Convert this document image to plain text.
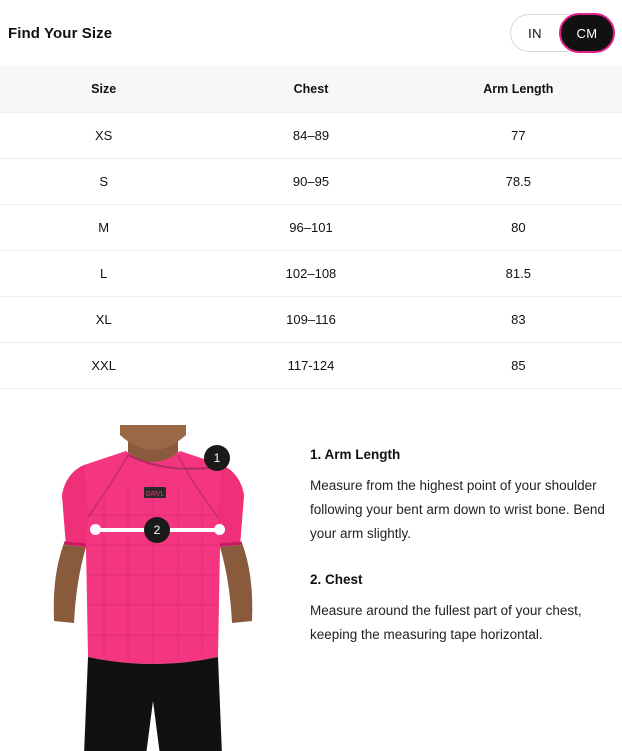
Find Your Size	IN	CM
Size	Chest	Arm Length
XS	84–89	77
S	90–95	78.5
M	96–101	80
L	102–108	81.5
XL	109–116	83
XXL	117-124	85
GRVL
1
2
1. Arm Length

Measure from the highest point of your shoulder following your bent arm down to wrist bone. Bend your arm slightly.

2. Chest

Measure around the fullest part of your chest, keeping the measuring tape horizontal.
